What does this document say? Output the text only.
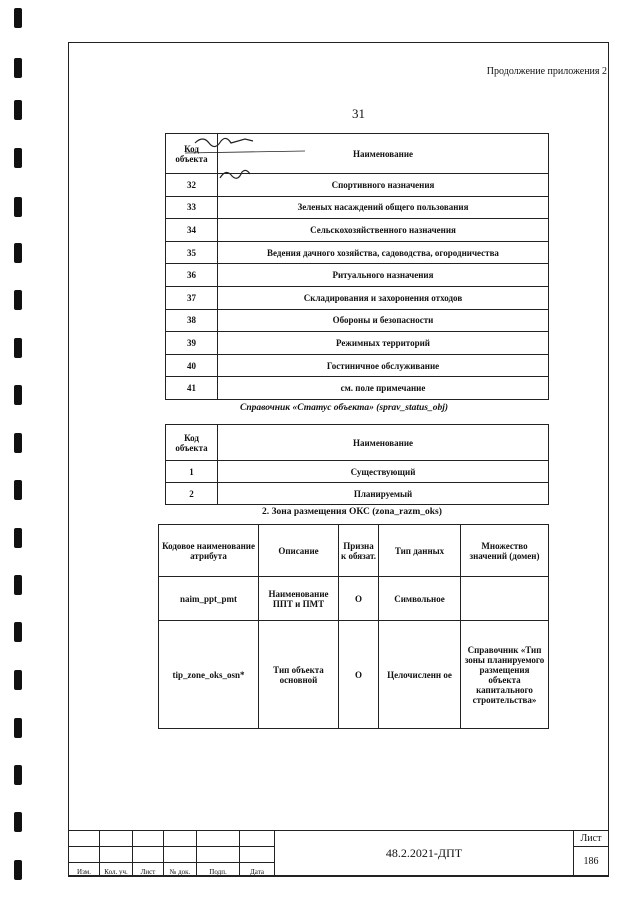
Продолжение приложения 2
31
Код объекта	Наименование
32	Спортивного назначения
33	Зеленых насаждений общего пользования
34	Сельскохозяйственного назначения
35	Ведения дачного хозяйства, садоводства, огородничества
36	Ритуального назначения
37	Складирования и захоронения отходов
38	Обороны и безопасности
39	Режимных территорий
40	Гостиничное обслуживание
41	см. поле примечание
Справочник «Статус объекта» (sprav_status_obj)
Код объекта	Наименование
1	Существующий
2	Планируемый
2. Зона размещения ОКС (zona_razm_oks)
Кодовое наименование атрибута	Описание	Призна к обязат.	Тип данных	Множество значений (домен)
naim_ppt_pmt	Наименование ППТ и ПМТ	О	Символьное	
tip_zone_oks_osn*	Тип объекта основной	О	Целочисленн ое	Справочник «Тип зоны планируемого размещения объекта капитального строительства»
						48.2.2021-ДПТ	Лист
							186
Изм.	Кол. уч.	Лист	№ док.	Подп.	Дата		
